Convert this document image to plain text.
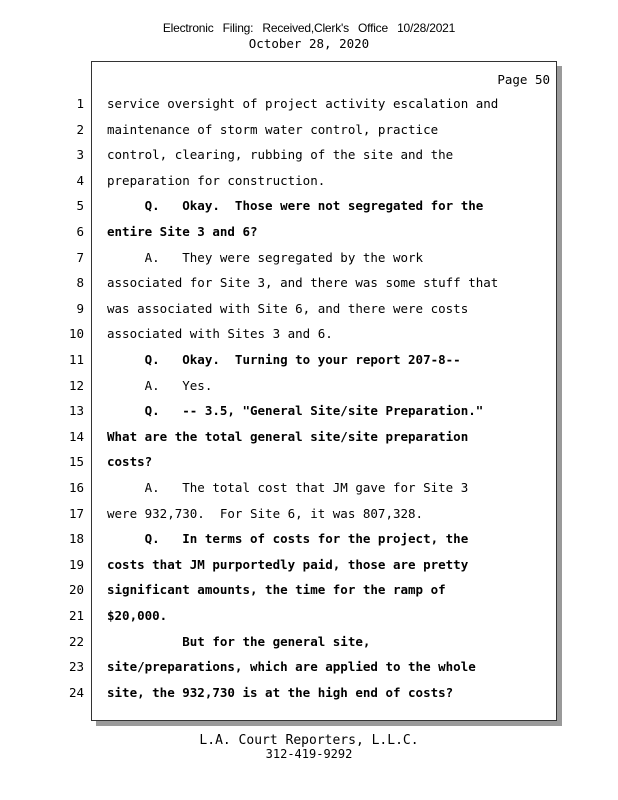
Electronic Filing: Received,Clerk's Office 10/28/2021
October 28, 2020
Page 50
1 service oversight of project activity escalation and
2 maintenance of storm water control, practice
3 control, clearing, rubbing of the site and the
4 preparation for construction.
5 Q.   Okay.  Those were not segregated for the
6 entire Site 3 and 6?
7 A.   They were segregated by the work
8 associated for Site 3, and there was some stuff that
9 was associated with Site 6, and there were costs
10 associated with Sites 3 and 6.
11 Q.   Okay.  Turning to your report 207-8--
12 A.   Yes.
13 Q.   -- 3.5, "General Site/site Preparation."
14 What are the total general site/site preparation
15 costs?
16 A.   The total cost that JM gave for Site 3
17 were 932,730.  For Site 6, it was 807,328.
18 Q.   In terms of costs for the project, the
19 costs that JM purportedly paid, those are pretty
20 significant amounts, the time for the ramp of
21 $20,000.
22 But for the general site,
23 site/preparations, which are applied to the whole
24 site, the 932,730 is at the high end of costs?
L.A. Court Reporters, L.L.C.
312-419-9292
